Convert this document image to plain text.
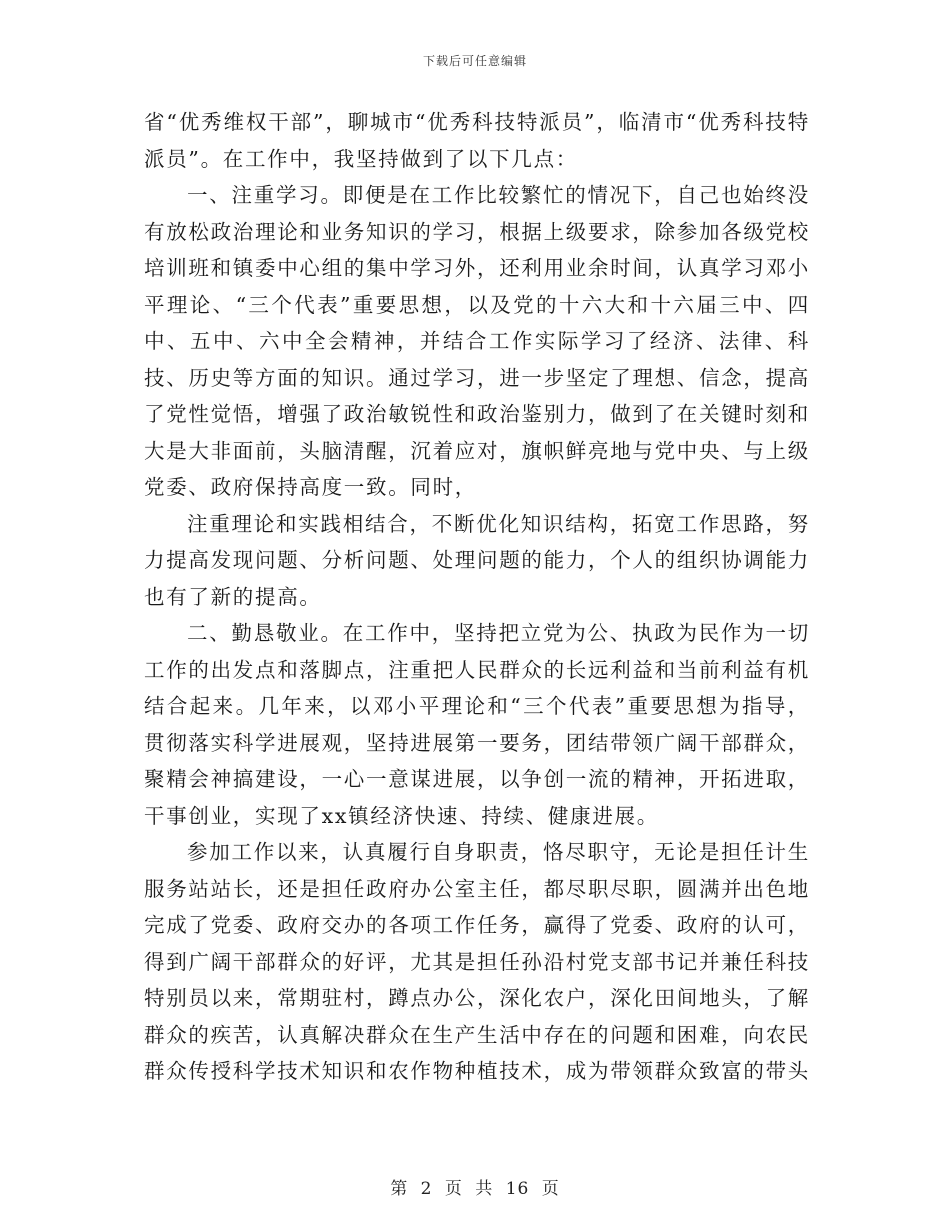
下载后可任意编辑

省“优秀维权干部”，聊城市“优秀科技特派员”，临清市“优秀科技特派员”。在工作中，我坚持做到了以下几点：

一、注重学习。即便是在工作比较繁忙的情况下，自己也始终没有放松政治理论和业务知识的学习，根据上级要求，除参加各级党校培训班和镇委中心组的集中学习外，还利用业余时间，认真学习邓小平理论、“三个代表”重要思想，以及党的十六大和十六届三中、四中、五中、六中全会精神，并结合工作实际学习了经济、法律、科技、历史等方面的知识。通过学习，进一步坚定了理想、信念，提高了党性觉悟，增强了政治敏锐性和政治鉴别力，做到了在关键时刻和大是大非面前，头脑清醒，沉着应对，旗帜鲜亮地与党中央、与上级党委、政府保持高度一致。同时，

注重理论和实践相结合，不断优化知识结构，拓宽工作思路，努力提高发现问题、分析问题、处理问题的能力，个人的组织协调能力也有了新的提高。

二、勤恳敬业。在工作中，坚持把立党为公、执政为民作为一切工作的出发点和落脚点，注重把人民群众的长远利益和当前利益有机结合起来。几年来，以邓小平理论和“三个代表”重要思想为指导，贯彻落实科学进展观，坚持进展第一要务，团结带领广阔干部群众，聚精会神搞建设，一心一意谋进展，以争创一流的精神，开拓进取，干事创业，实现了xx镇经济快速、持续、健康进展。

参加工作以来，认真履行自身职责，恪尽职守，无论是担任计生服务站站长，还是担任政府办公室主任，都尽职尽职，圆满并出色地完成了党委、政府交办的各项工作任务，赢得了党委、政府的认可，得到广阔干部群众的好评，尤其是担任孙沿村党支部书记并兼任科技特别员以来，常期驻村，蹲点办公，深化农户，深化田间地头，了解群众的疾苦，认真解决群众在生产生活中存在的问题和困难，向农民群众传授科学技术知识和农作物种植技术，成为带领群众致富的带头

第 2 页 共 16 页
